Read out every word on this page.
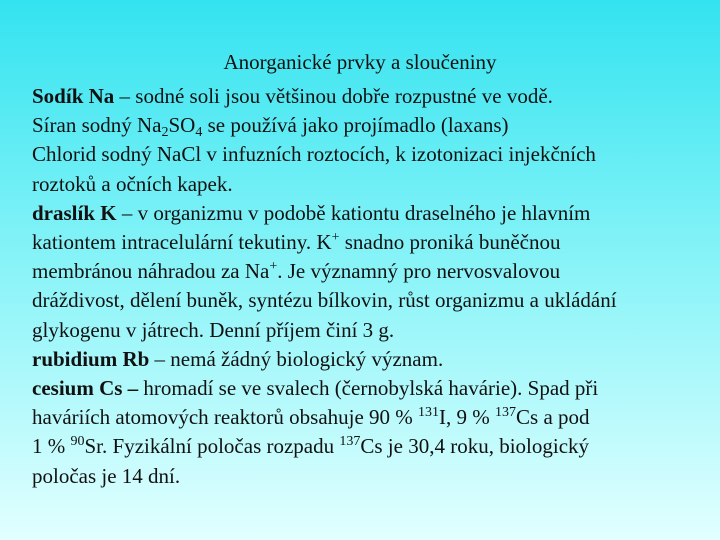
Anorganické prvky a sloučeniny
Sodík Na – sodné soli jsou většinou dobře rozpustné ve vodě.
Síran sodný $Na_2SO_4$ se používá jako projímadlo (laxans)
Chlorid sodný NaCl v infuzních roztocích, k izotonizaci injekčních
roztoků a očních kapek.
draslík K – v organizmu v podobě kationtu draselného je hlavním
kationtem intracelulární tekutiny. K+ snadno proniká buněčnou
membránou náhradou za Na+. Je významný pro nervosvalovou
dráždivost, dělení buněk, syntézu bílkovin, růst organizmu a ukládání
glykogenu v játrech. Denní příjem činí 3 g.
rubidium Rb – nemá žádný biologický význam.
cesium Cs – hromadí se ve svalech (černobylská havárie). Spad při
haváriích atomových reaktorů obsahuje 90 % $^{131}$I, 9 % $^{137}$Cs a pod
1 % $^{90}$Sr. Fyzikální poločas rozpadu $^{137}$Cs je 30,4 roku, biologický
poločas je 14 dní.
